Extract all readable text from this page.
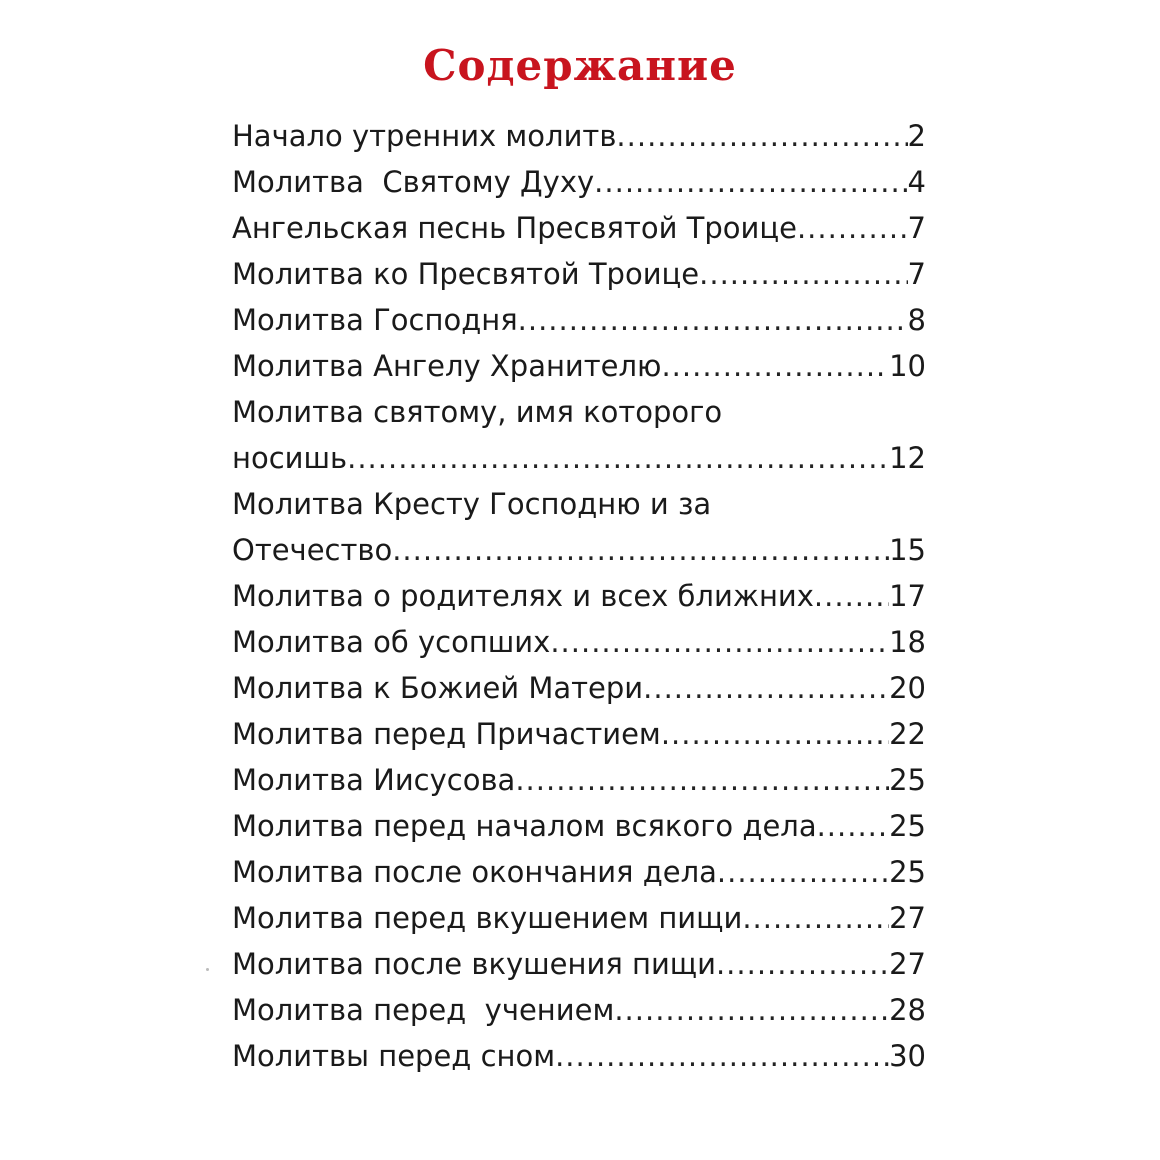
Содержание
Начало утренних молитв .....	2
Молитва  Святому Духу .....	4
Ангельская песнь Пресвятой Троице .....	7
Молитва ко Пресвятой Троице .....	7
Молитва Господня .....	8
Молитва Ангелу Хранителю .....	10
Молитва святому, имя которого
носишь .....	12
Молитва Кресту Господню и за
Отечество .....	15
Молитва о родителях и всех ближних .....	17
Молитва об усопших .....	18
Молитва к Божией Матери .....	20
Молитва перед Причастием .....	22
Молитва Иисусова .....	25
Молитва перед началом всякого дела .....	25
Молитва после окончания дела .....	25
Молитва перед вкушением пищи .....	27
Молитва после вкушения пищи .....	27
Молитва перед  учением .....	28
Молитвы перед сном .....	30
